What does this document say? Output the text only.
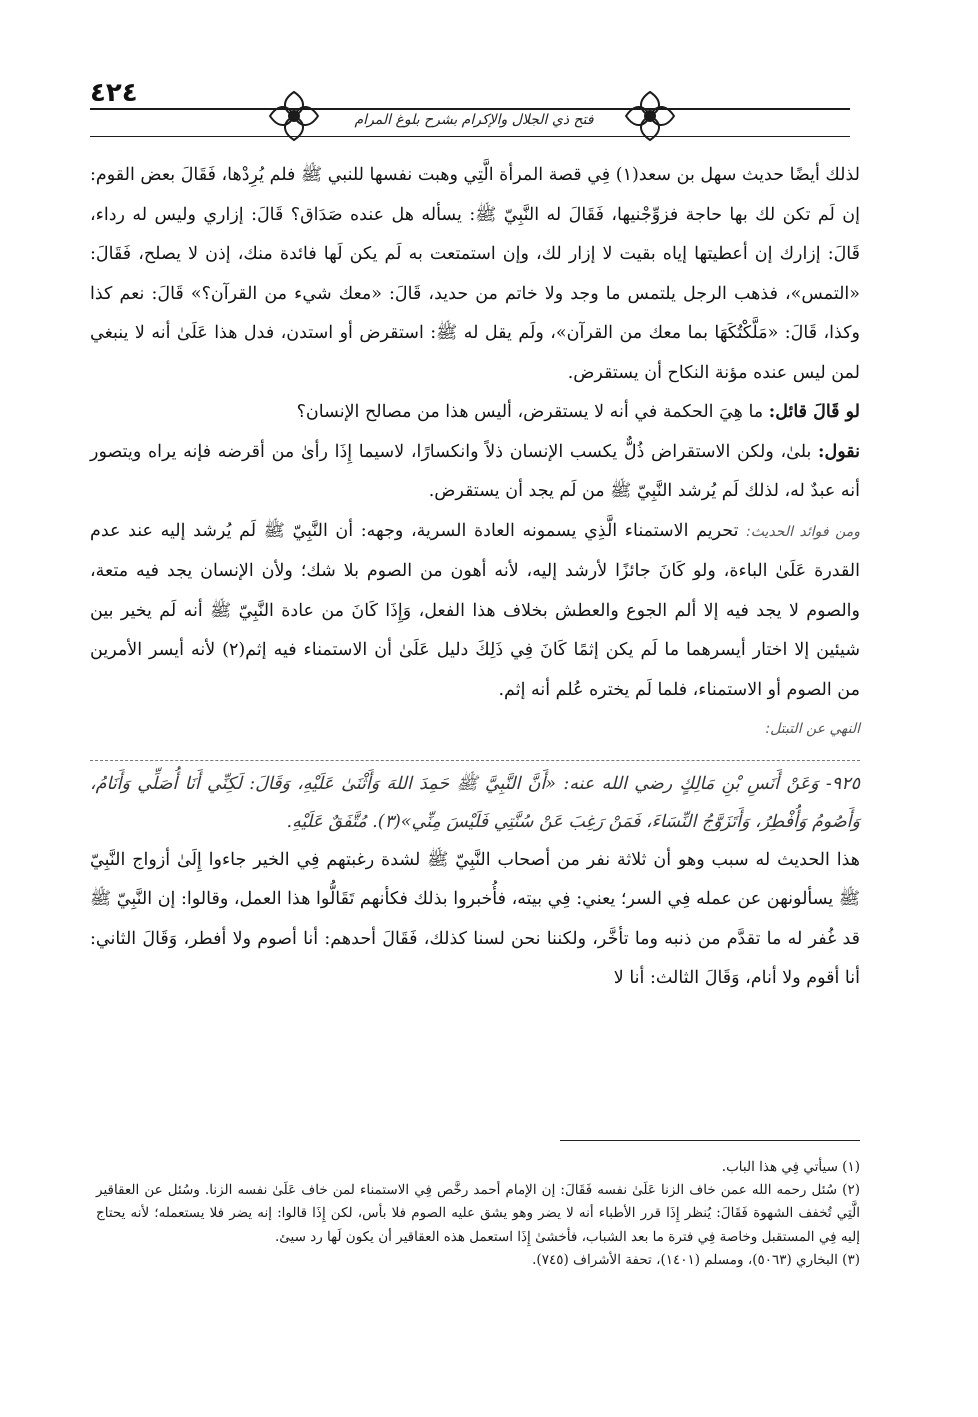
٤٢٤
فتح ذي الجلال والإكرام بشرح بلوغ المرام

لذلك أيضًا حديث سهل بن سعد(١) فِي قصة المرأة الَّتِي وهبت نفسها للنبي ﷺ فلم يُرِدْها، فَقَالَ بعض القوم: إن لَم تكن لك بها حاجة فزوِّجْنيها، فَقَالَ له النَّبِيّ ﷺ: يسأله هل عنده صَدَاق؟ قَالَ: إزاري وليس له رداء، قَالَ: إزارك إن أعطيتها إياه بقيت لا إزار لك، وإن استمتعت به لَم يكن لَها فائدة منك، إذن لا يصلح، فَقَالَ: «التمس»، فذهب الرجل يلتمس ما وجد ولا خاتم من حديد، قَالَ: «معك شيء من القرآن؟» قَالَ: نعم كذا وكذا، قَالَ: «مَلَّكْتُكَهَا بما معك من القرآن»، ولَم يقل له ﷺ: استقرض أو استدن، فدل هذا عَلَىٰ أنه لا ينبغي لمن ليس عنده مؤنة النكاح أن يستقرض.

لو قَالَ قائل: ما هِيَ الحكمة في أنه لا يستقرض، أليس هذا من مصالح الإنسان؟

نقول: بلىٰ، ولكن الاستقراض ذُلٌّ يكسب الإنسان ذلاً وانكسارًا، لاسيما إِذَا رأىٰ من أقرضه فإنه يراه ويتصور أنه عبدٌ له، لذلك لَم يُرشد النَّبِيّ ﷺ من لَم يجد أن يستقرض.

ومن فوائد الحديث: تحريم الاستمناء الَّذِي يسمونه العادة السرية، وجهه: أن النَّبِيّ ﷺ لَم يُرشد إليه عند عدم القدرة عَلَىٰ الباءة، ولو كَانَ جائزًا لأرشد إليه، لأنه أهون من الصوم بلا شك؛ ولأن الإنسان يجد فيه متعة، والصوم لا يجد فيه إلا ألم الجوع والعطش بخلاف هذا الفعل، وَإِذَا كَانَ من عادة النَّبِيّ ﷺ أنه لَم يخير بين شيئين إلا اختار أيسرهما ما لَم يكن إثمًا كَانَ فِي ذَلِكَ دليل عَلَىٰ أن الاستمناء فيه إثم(٢) لأنه أيسر الأمرين من الصوم أو الاستمناء، فلما لَم يختره عُلم أنه إثم.

النهي عن التبتل:

٩٢٥- وَعَنْ أَنَسِ بْنِ مَالِكٍ رضي الله عنه: «أَنَّ النَّبِيَّ ﷺ حَمِدَ اللهَ وَأَثْنَىٰ عَلَيْهِ، وَقَالَ: لَكِنِّي أَنَا أُصَلِّي وَأَنَامُ، وَأَصُومُ وَأُفْطِرُ، وَأَتَزَوَّجُ النِّسَاءَ، فَمَنْ رَغِبَ عَنْ سُنَّتِي فَلَيْسَ مِنِّي»(٣). مُتَّفَقٌ عَلَيْهِ.

هذا الحديث له سبب وهو أن ثلاثة نفر من أصحاب النَّبِيّ ﷺ لشدة رغبتهم فِي الخير جاءوا إِلَىٰ أزواج النَّبِيّ ﷺ يسألونهن عن عمله فِي السر؛ يعني: فِي بيته، فأُخبروا بذلك فكأنهم تَقَالُّوا هذا العمل، وقالوا: إن النَّبِيّ ﷺ قد غُفر له ما تقدَّم من ذنبه وما تأخَّر، ولكننا نحن لسنا كذلك، فَقَالَ أحدهم: أنا أصوم ولا أفطر، وَقَالَ الثاني: أنا أقوم ولا أنام، وَقَالَ الثالث: أنا لا

(١) سيأتي فِي هذا الباب.

(٢) سُئل رحمه الله عمن خاف الزنا عَلَىٰ نفسه فَقَالَ: إن الإمام أحمد رخَّص فِي الاستمناء لمن خاف عَلَىٰ نفسه الزنا. وسُئل عن العقاقير الَّتِي تُخفف الشهوة فَقَالَ: يُنظر إِذَا قرر الأطباء أنه لا يضر وهو يشق عليه الصوم فلا بأس، لكن إِذَا قالوا: إنه يضر فلا يستعمله؛ لأنه يحتاج إليه فِي المستقبل وخاصة فِي فترة ما بعد الشباب، فأخشىٰ إِذَا استعمل هذه العقاقير أن يكون لَها رد سيئ.

(٣) البخاري (٥٠٦٣)، ومسلم (١٤٠١)، تحفة الأشراف (٧٤٥).
